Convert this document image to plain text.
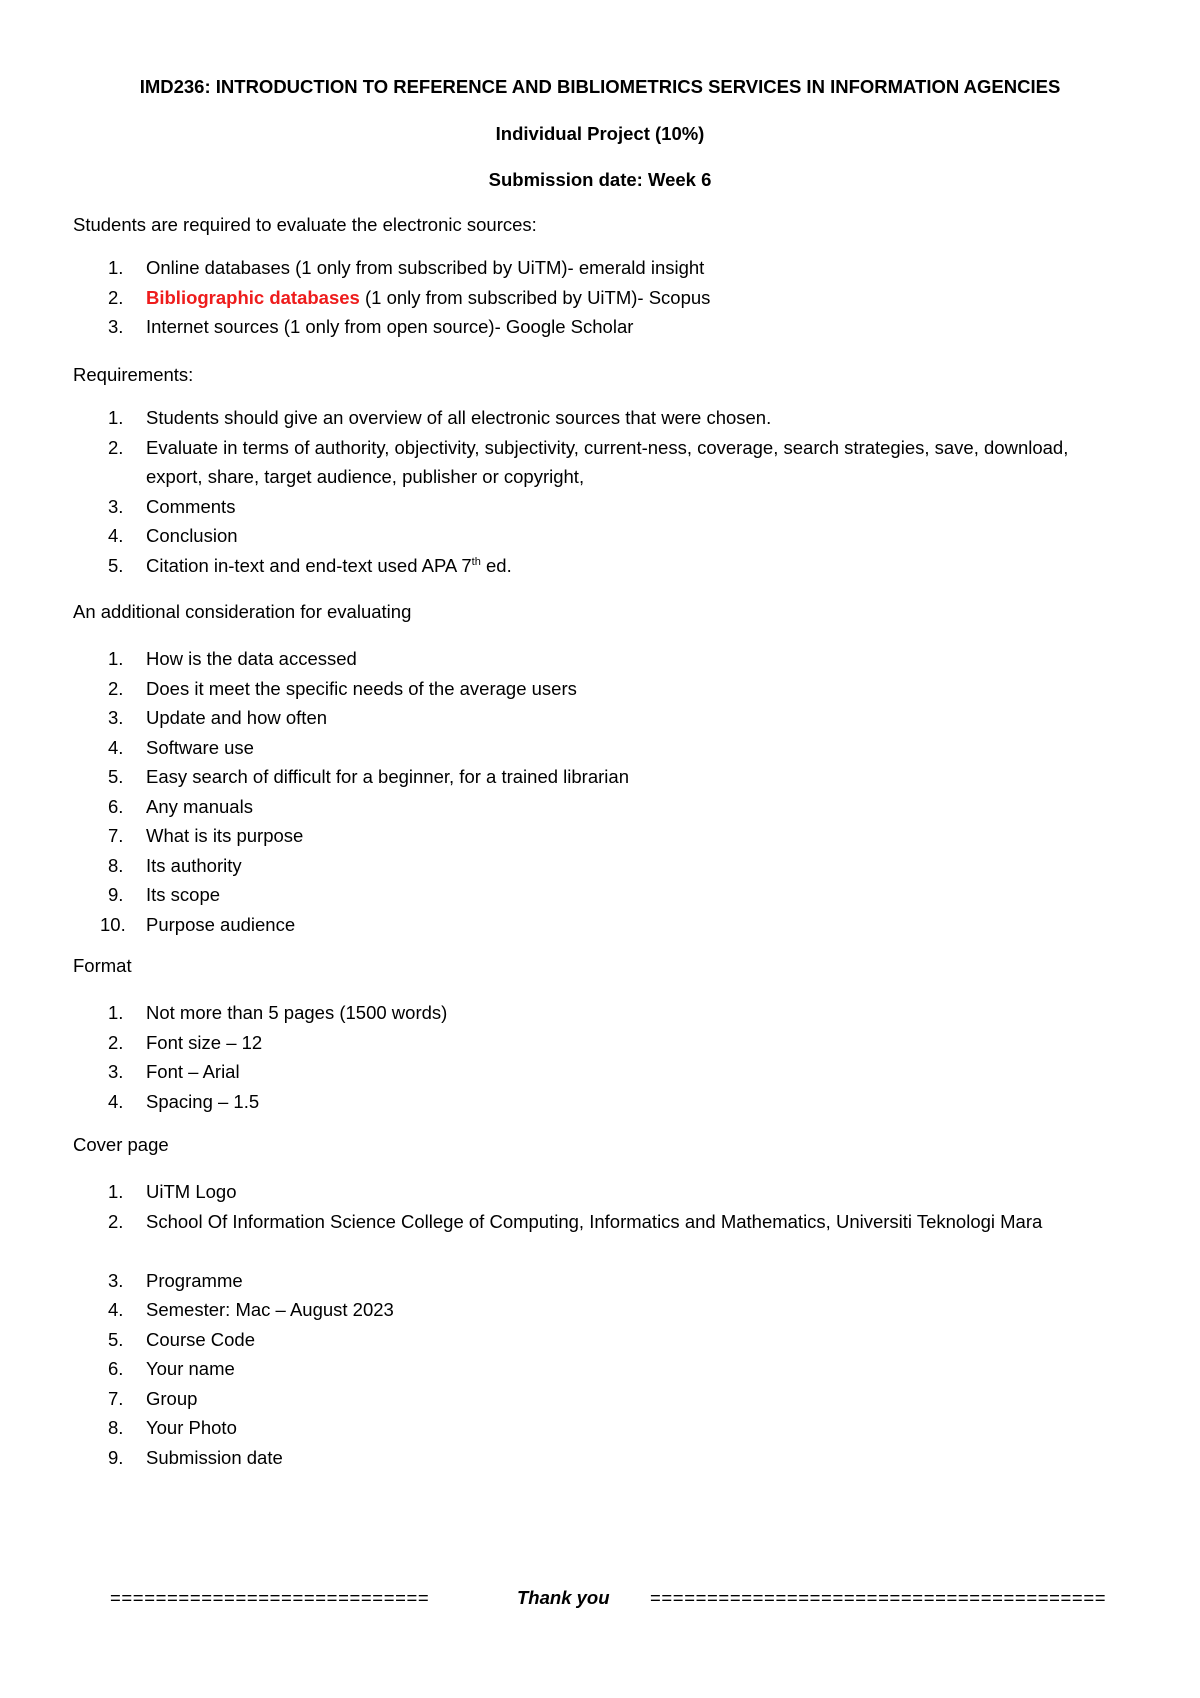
IMD236: INTRODUCTION TO REFERENCE AND BIBLIOMETRICS SERVICES IN INFORMATION AGENCIES
Individual Project (10%)
Submission date: Week 6
Students are required to evaluate the electronic sources:
1.	Online databases (1 only from subscribed by UiTM)- emerald insight
2.	Bibliographic databases (1 only from subscribed by UiTM)- Scopus
3.	Internet sources (1 only from open source)- Google Scholar
Requirements:
1.	Students should give an overview of all electronic sources that were chosen.
2.	Evaluate in terms of authority, objectivity, subjectivity, current-ness, coverage, search strategies, save, download, export, share, target audience, publisher or copyright,
3.	Comments
4.	Conclusion
5.	Citation in-text and end-text used APA 7th ed.
An additional consideration for evaluating
1.	How is the data accessed
2.	Does it meet the specific needs of the average users
3.	Update and how often
4.	Software use
5.	Easy search of difficult for a beginner, for a trained librarian
6.	Any manuals
7.	What is its purpose
8.	Its authority
9.	Its scope
10. Purpose audience
Format
1.	Not more than 5 pages (1500 words)
2.	Font size – 12
3.	Font – Arial
4.	Spacing – 1.5
Cover page
1.	UiTM Logo
2.	School Of Information Science College of Computing, Informatics and Mathematics, Universiti Teknologi Mara
3.	Programme
4.	Semester: Mac – August 2023
5.	Course Code
6.	Your name
7.	Group
8.	Your Photo
9.	Submission date
============================	Thank you ========================================
